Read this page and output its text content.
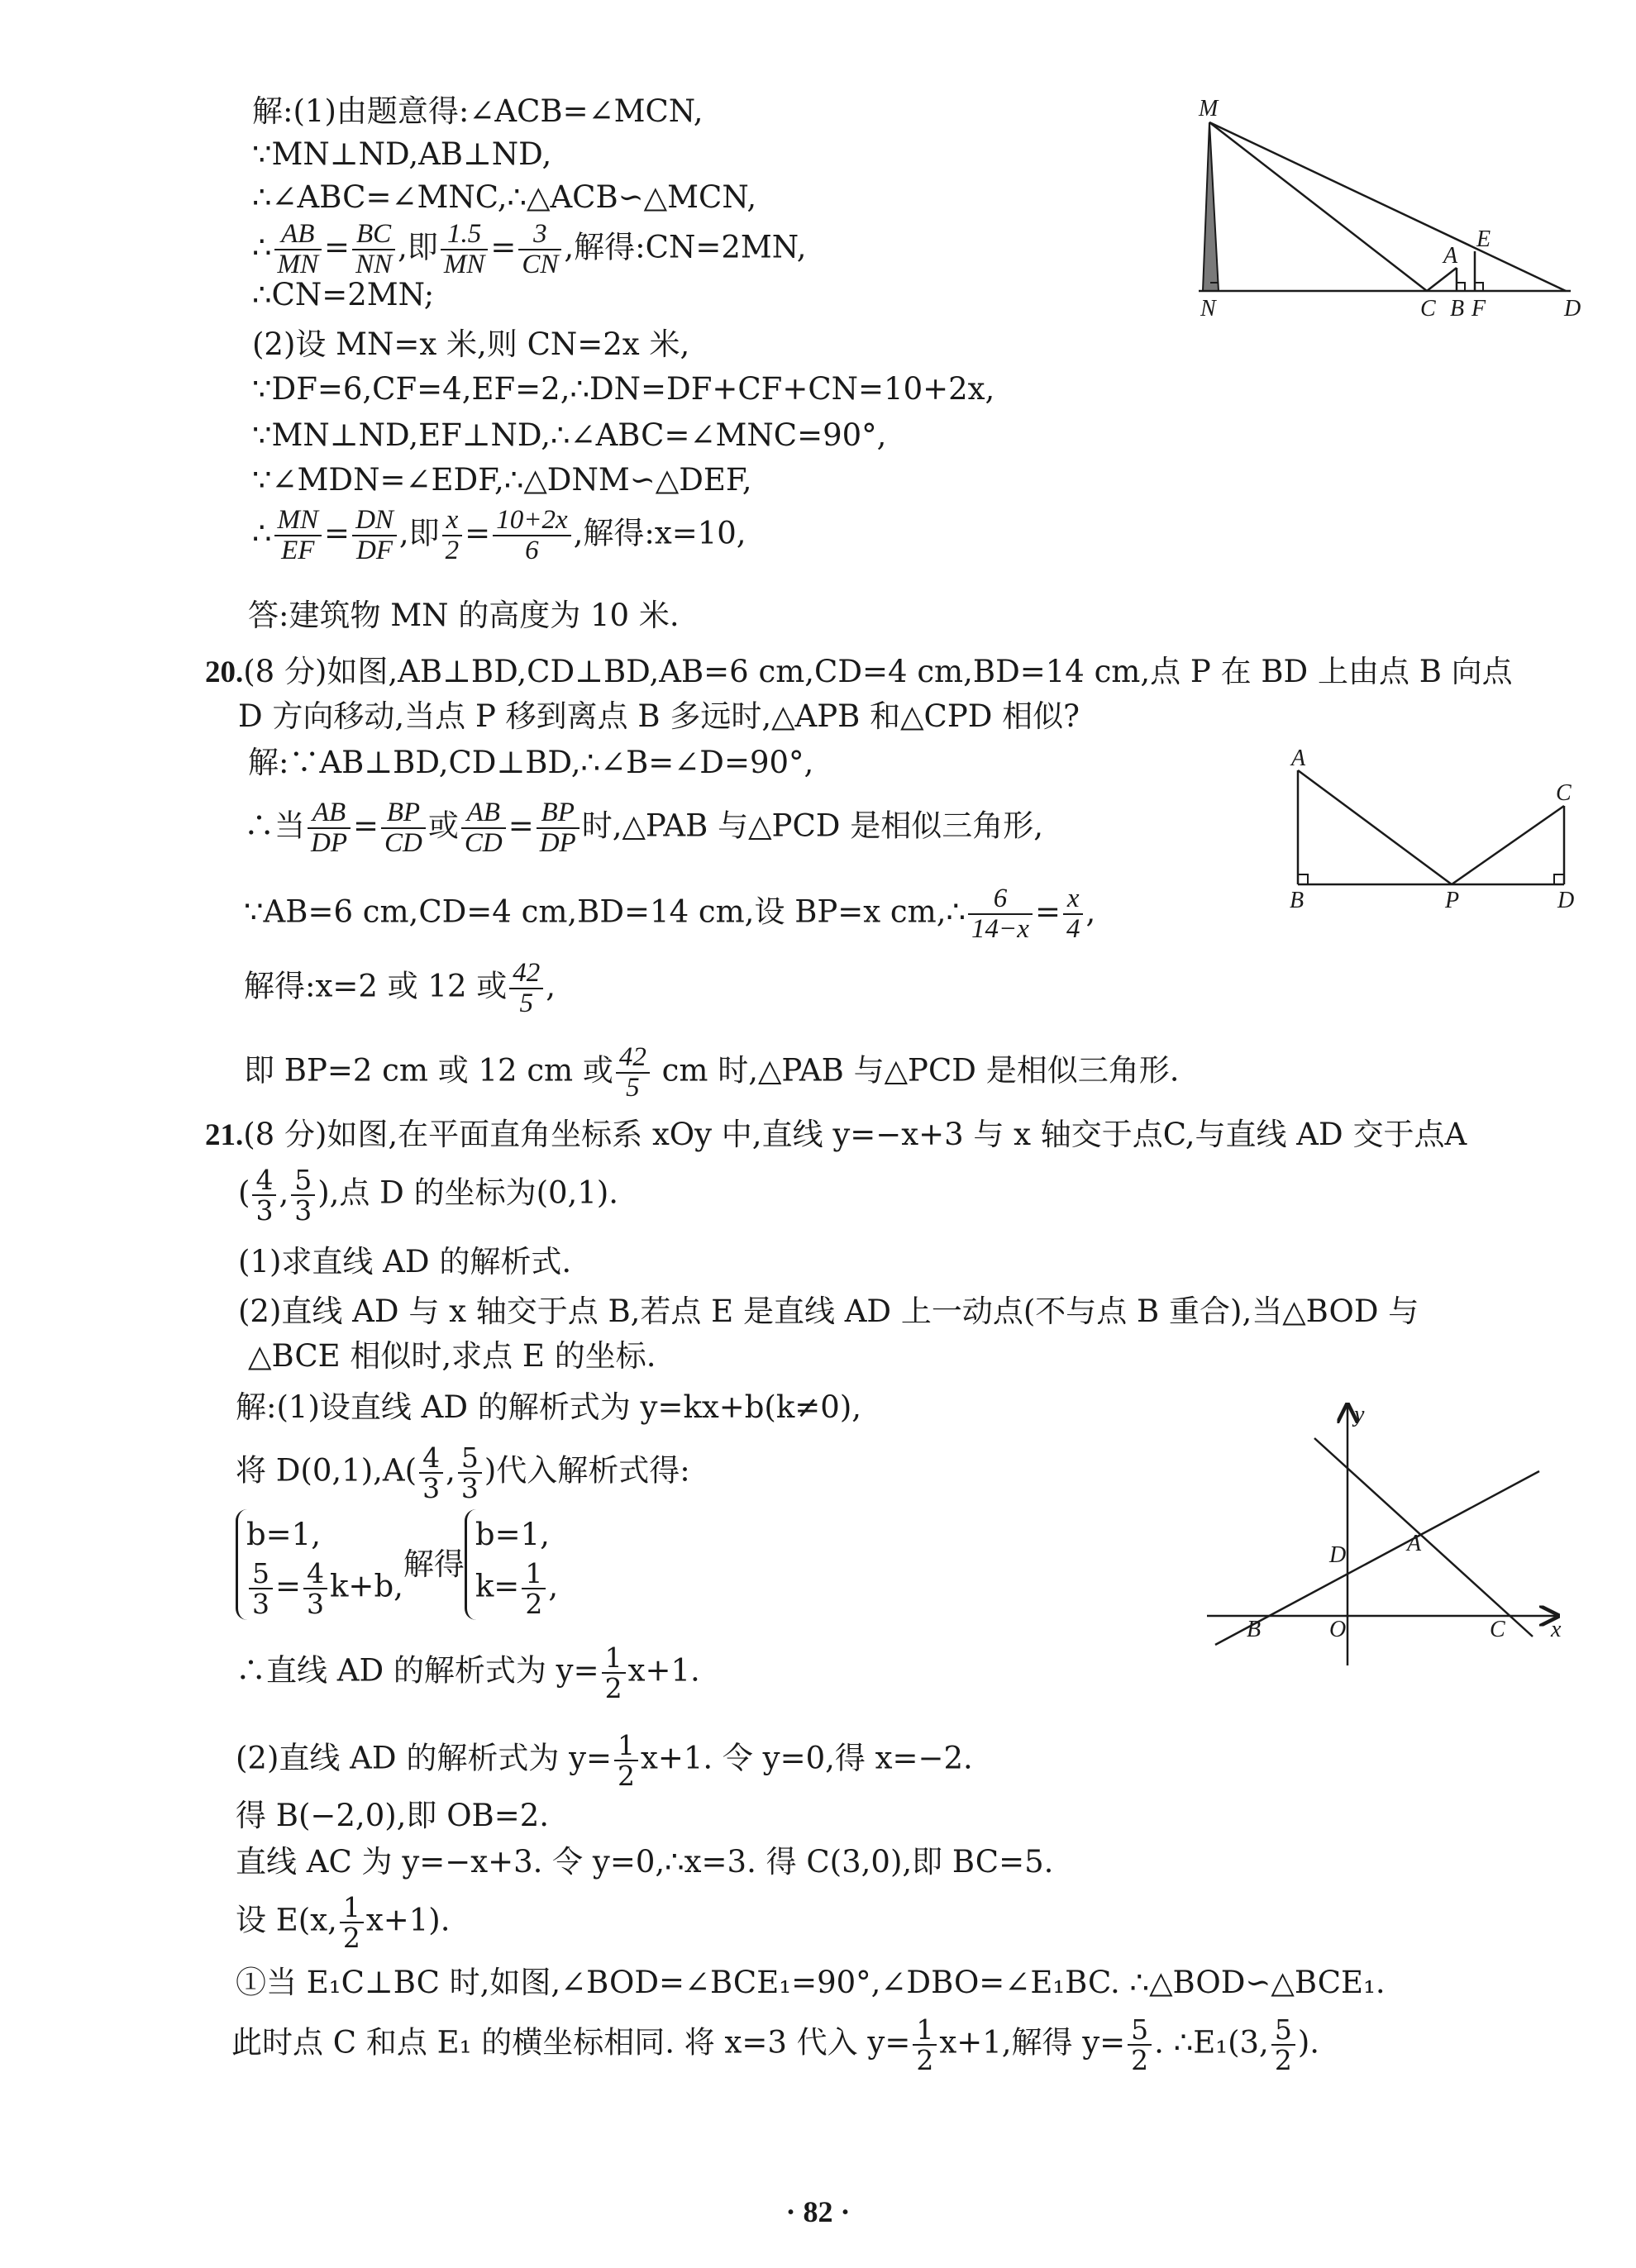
解:(1)由题意得:∠ACB=∠MCN,
∵MN⊥ND,AB⊥ND,
∴∠ABC=∠MNC,∴△ACB∽△MCN,
∴ $\frac{AB}{MN} = \frac{BC}{NN}$ ,即 $\frac{1.5}{MN} = \frac{3}{CN}$ ,解得:CN=2MN,
∴CN=2MN;
(2)设 MN=x 米,则 CN=2x 米,
∵DF=6,CF=4,EF=2,∴DN=DF+CF+CN=10+2x,
∵MN⊥ND,EF⊥ND,∴∠ABC=∠MNC=90°,
∵∠MDN=∠EDF,∴△DNM∽△DEF,
∴ $\frac{MN}{EF} = \frac{DN}{DF}$ ,即 $\frac{x}{2} = \frac{10+2x}{6}$ ,解得:x=10,
答:建筑物 MN 的高度为 10 米.
M
N	C B F	D
A
E
20.(8 分)如图,AB⊥BD,CD⊥BD,AB=6 cm,CD=4 cm,BD=14 cm,点 P 在 BD 上由点 B 向点
D 方向移动,当点 P 移到离点 B 多远时,△APB 和△CPD 相似?
解:∵AB⊥BD,CD⊥BD,∴∠B=∠D=90°,
∴当 $\frac{AB}{DP} = \frac{BP}{CD}$ 或 $\frac{AB}{CD} = \frac{BP}{DP}$ 时,△PAB 与△PCD 是相似三角形,
∵AB=6 cm,CD=4 cm,BD=14 cm,设 BP=x cm,∴ $\frac{6}{14-x} = \frac{x}{4}$ ,
解得:x=2 或 12 或 $\frac{42}{5}$ ,
即 BP=2 cm 或 12 cm 或 $\frac{42}{5}$ cm 时,△PAB 与△PCD 是相似三角形.
A
C
B	P	D
21.(8 分)如图,在平面直角坐标系 xOy 中,直线 y=−x+3 与 x 轴交于点C,与直线 AD 交于点A
( $\frac{4}{3}$ , $\frac{5}{3}$ ),点 D 的坐标为(0,1).
(1)求直线 AD 的解析式.
(2)直线 AD 与 x 轴交于点 B,若点 E 是直线 AD 上一动点(不与点 B 重合),当△BOD 与
△BCE 相似时,求点 E 的坐标.
解:(1)设直线 AD 的解析式为 y=kx+b(k≠0),
将 $D(0,1),A( \frac{4}{3}$ , $\frac{5}{3}$ )代入解析式得:
b=1,
$\frac{5}{3} = \frac{4}{3} k+b$,
解得
b=1,
$k= \frac{1}{2}$ ,
∴直线 AD 的解析式为 $y= \frac{1}{2} x+1$.
(2)直线 AD 的解析式为 $y= \frac{1}{2} x+1$. 令 y=0,得 x=−2.
得 B(−2,0),即 OB=2.
直线 AC 为 y=−x+3. 令 y=0,∴x=3. 得 C(3,0),即 BC=5.
设 E(x, $\frac{1}{2} x+1$).
①当 E₁C⊥BC 时,如图,∠BOD=∠BCE₁=90°,∠DBO=∠E₁BC. ∴△BOD∽△BCE₁.
此时点 C 和点 E₁ 的横坐标相同. 将 x=3 代入 $y= \frac{1}{2} x+1$,解得 $y= \frac{5}{2}$ . ∴E₁(3, $\frac{5}{2}$ ).
y
x
D	A
B	O	C
· 82 ·
